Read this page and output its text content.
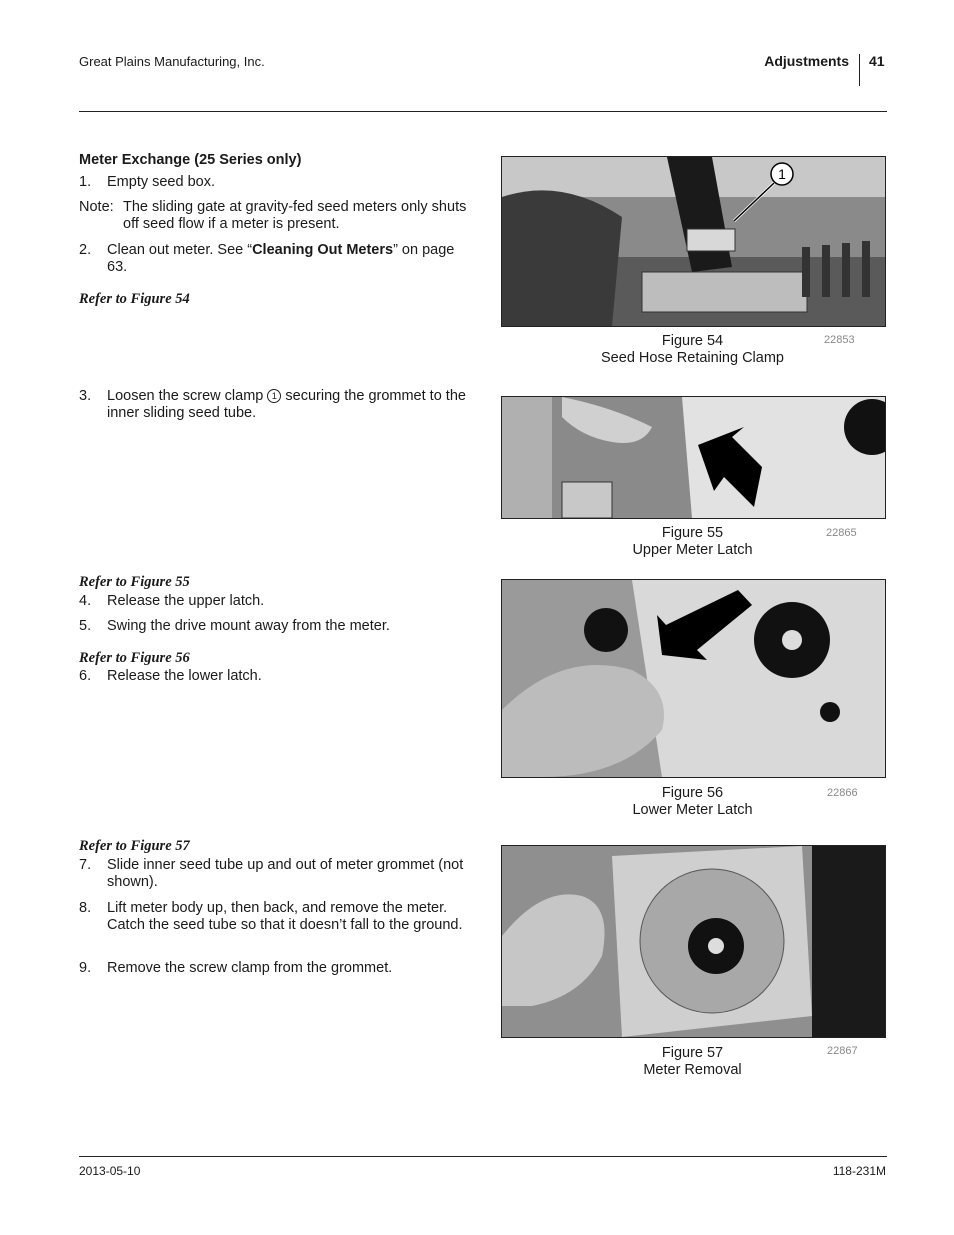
Great Plains Manufacturing, Inc.	Adjustments 41
Meter Exchange (25 Series only)
1. Empty seed box.
Note: The sliding gate at gravity-fed seed meters only shuts off seed flow if a meter is present.
2. Clean out meter. See “Cleaning Out Meters” on page 63.
Refer to Figure 54
3. Loosen the screw clamp 1 securing the grommet to the inner sliding seed tube.
Refer to Figure 55
4. Release the upper latch.
5. Swing the drive mount away from the meter.
Refer to Figure 56
6. Release the lower latch.
Refer to Figure 57
7. Slide inner seed tube up and out of meter grommet (not shown).
8. Lift meter body up, then back, and remove the meter. Catch the seed tube so that it doesn’t fall to the ground.
9. Remove the screw clamp from the grommet.
1
Figure 54
Seed Hose Retaining Clamp
22853
Figure 55
Upper Meter Latch
22865
Figure 56
Lower Meter Latch
22866
Figure 57
Meter Removal
22867
2013-05-10	118-231M
